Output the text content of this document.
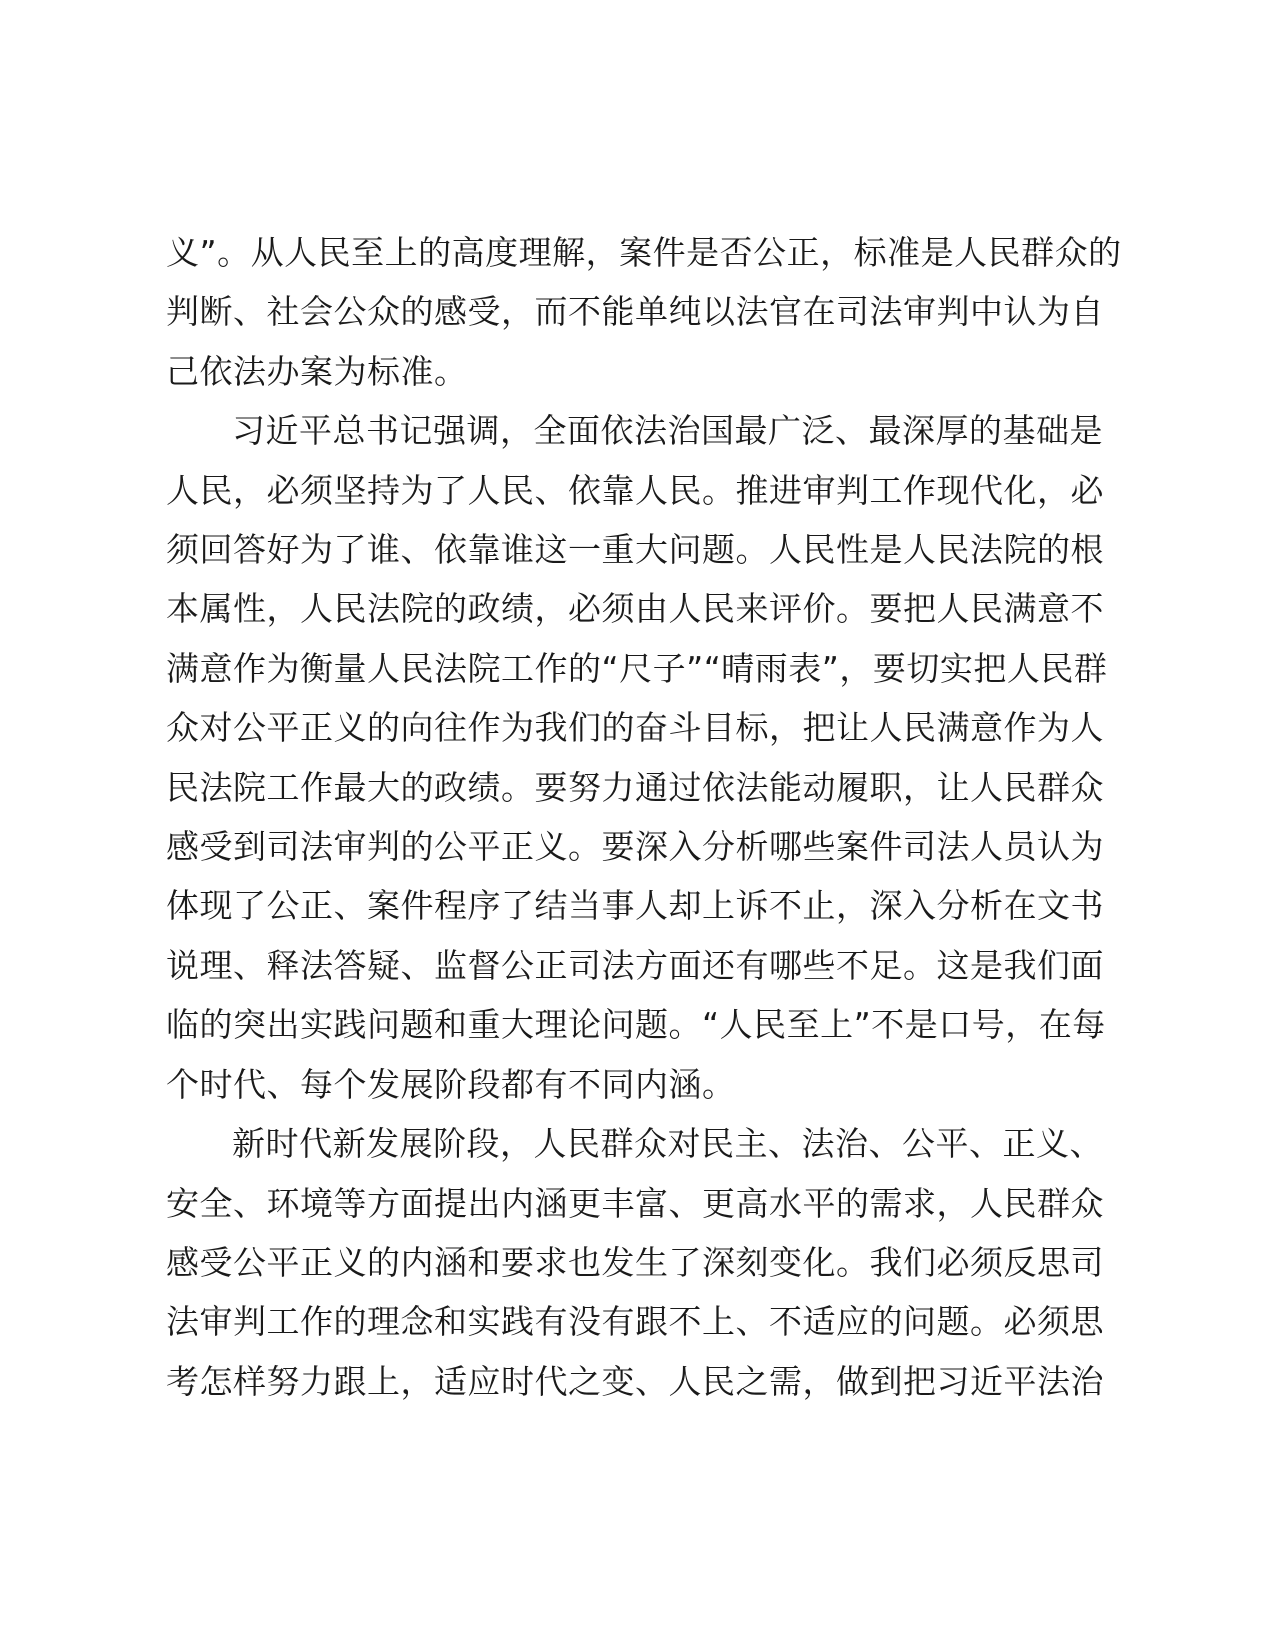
义”。从人民至上的高度理解，案件是否公正，标准是人民群众的
判断、社会公众的感受，而不能单纯以法官在司法审判中认为自
己依法办案为标准。

习近平总书记强调，全面依法治国最广泛、最深厚的基础是
人民，必须坚持为了人民、依靠人民。推进审判工作现代化，必
须回答好为了谁、依靠谁这一重大问题。人民性是人民法院的根
本属性，人民法院的政绩，必须由人民来评价。要把人民满意不
满意作为衡量人民法院工作的“尺子”“晴雨表”，要切实把人民群
众对公平正义的向往作为我们的奋斗目标，把让人民满意作为人
民法院工作最大的政绩。要努力通过依法能动履职，让人民群众
感受到司法审判的公平正义。要深入分析哪些案件司法人员认为
体现了公正、案件程序了结当事人却上诉不止，深入分析在文书
说理、释法答疑、监督公正司法方面还有哪些不足。这是我们面
临的突出实践问题和重大理论问题。“人民至上”不是口号，在每
个时代、每个发展阶段都有不同内涵。

新时代新发展阶段，人民群众对民主、法治、公平、正义、
安全、环境等方面提出内涵更丰富、更高水平的需求，人民群众
感受公平正义的内涵和要求也发生了深刻变化。我们必须反思司
法审判工作的理念和实践有没有跟不上、不适应的问题。必须思
考怎样努力跟上，适应时代之变、人民之需，做到把习近平法治
